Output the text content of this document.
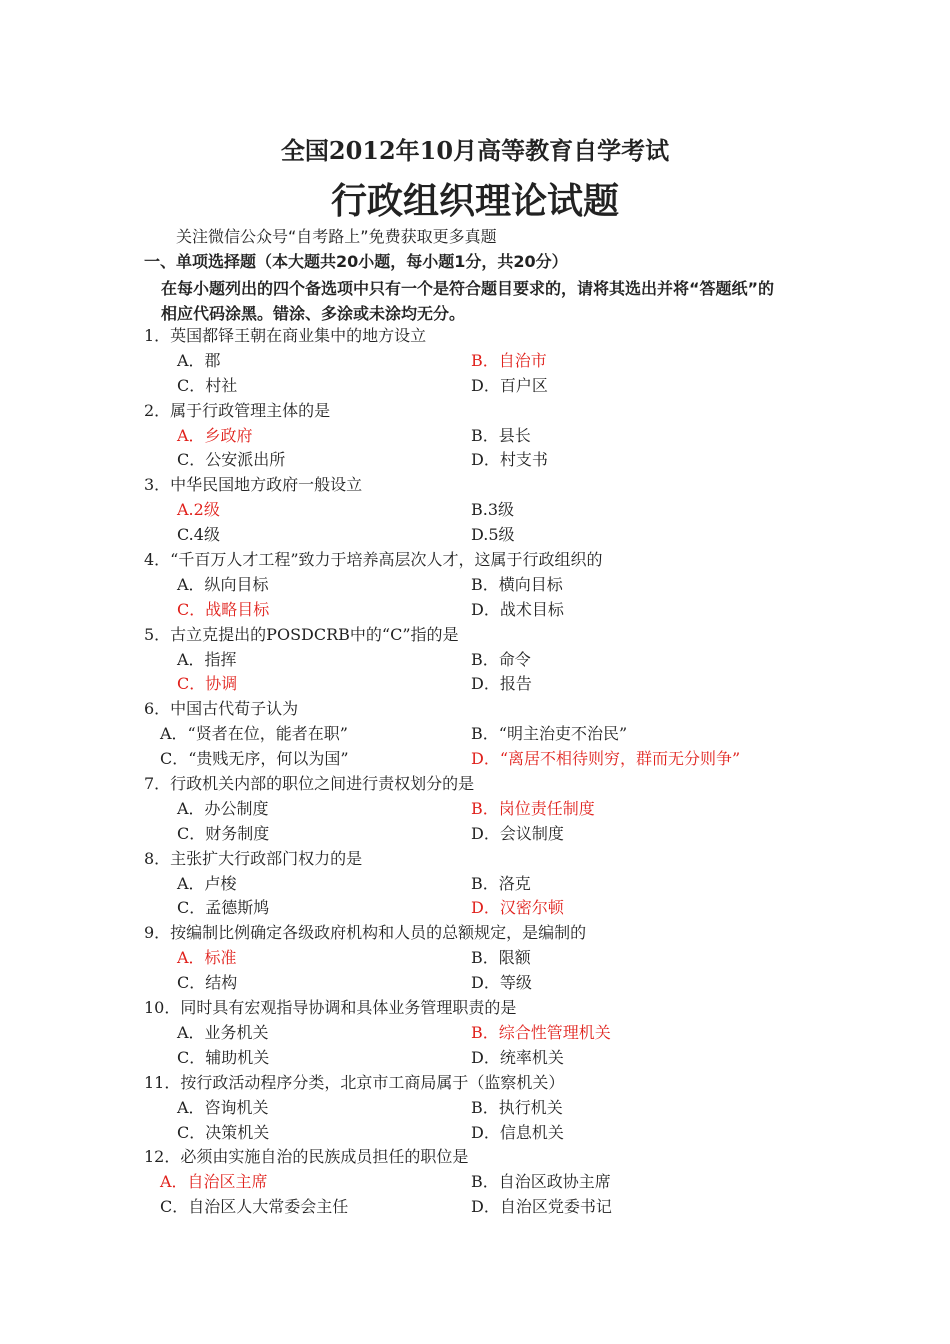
全国2012年10月高等教育自学考试
行政组织理论试题
关注微信公众号“自考路上”免费获取更多真题
一、单项选择题（本大题共20小题，每小题1分，共20分）
在每小题列出的四个备选项中只有一个是符合题目要求的，请将其选出并将“答题纸”的相应代码涂黑。错涂、多涂或未涂均无分。
1．英国都铎王朝在商业集中的地方设立
A．郡	B．自治市
C．村社	D．百户区
2．属于行政管理主体的是
A．乡政府	B．县长
C．公安派出所	D．村支书
3．中华民国地方政府一般设立
A.2级	B.3级
C.4级	D.5级
4．“千百万人才工程”致力于培养高层次人才，这属于行政组织的
A．纵向目标	B．横向目标
C．战略目标	D．战术目标
5．古立克提出的POSDCRB中的“C”指的是
A．指挥	B．命令
C．协调	D．报告
6．中国古代荀子认为
A．“贤者在位，能者在职”	B．“明主治吏不治民”
C．“贵贱无序，何以为国”	D．“离居不相待则穷，群而无分则争”
7．行政机关内部的职位之间进行责权划分的是
A．办公制度	B．岗位责任制度
C．财务制度	D．会议制度
8．主张扩大行政部门权力的是
A．卢梭	B．洛克
C．孟德斯鸠	D．汉密尔顿
9．按编制比例确定各级政府机构和人员的总额规定，是编制的
A．标准	B．限额
C．结构	D．等级
10．同时具有宏观指导协调和具体业务管理职责的是
A．业务机关	B．综合性管理机关
C．辅助机关	D．统率机关
11．按行政活动程序分类，北京市工商局属于（监察机关）
A．咨询机关	B．执行机关
C．决策机关	D．信息机关
12．必须由实施自治的民族成员担任的职位是
A．自治区主席	B．自治区政协主席
C．自治区人大常委会主任	D．自治区党委书记
